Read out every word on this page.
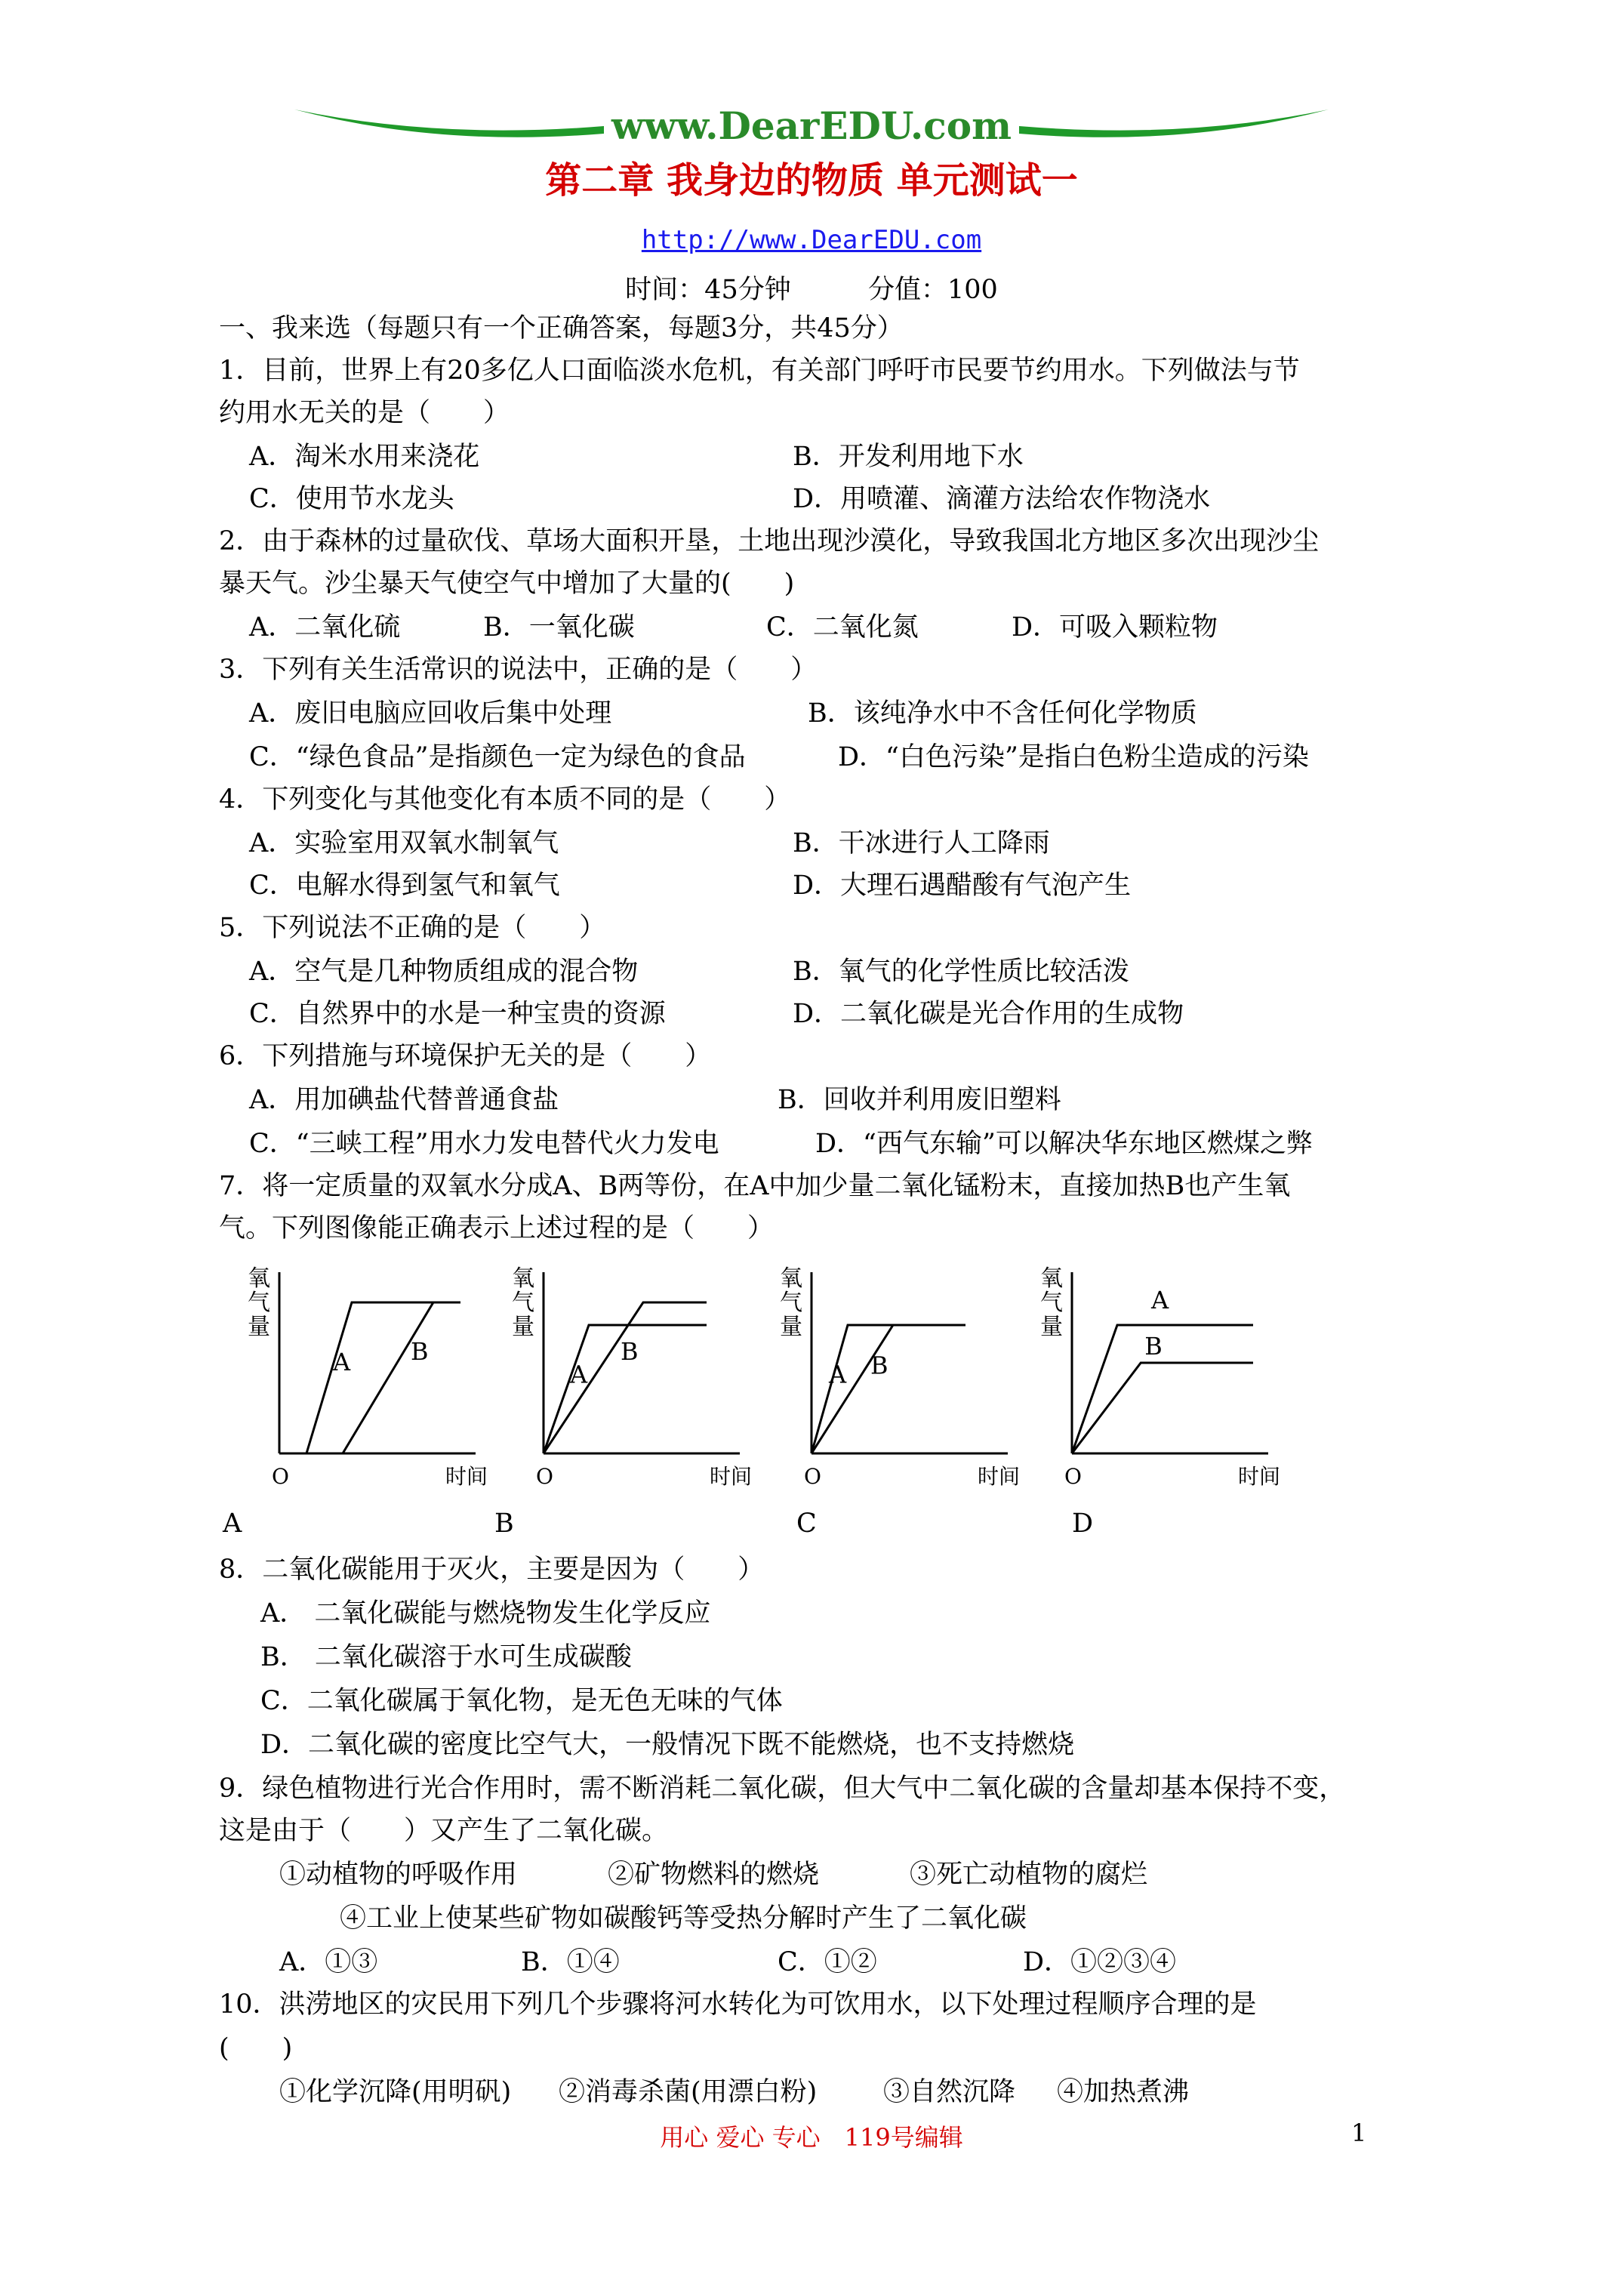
www.DearEDU.com
第二章 我身边的物质 单元测试一
http://www.DearEDU.com
时间：45分钟	分值：100
一、我来选（每题只有一个正确答案，每题3分，共45分）
1．目前，世界上有20多亿人口面临淡水危机，有关部门呼吁市民要节约用水。下列做法与节
约用水无关的是（　　）
A．淘米水用来浇花	B．开发利用地下水
C．使用节水龙头	D．用喷灌、滴灌方法给农作物浇水
2．由于森林的过量砍伐、草场大面积开垦，土地出现沙漠化，导致我国北方地区多次出现沙尘
暴天气。沙尘暴天气使空气中增加了大量的(　　)
A．二氧化硫	B．一氧化碳	C．二氧化氮	D．可吸入颗粒物
3．下列有关生活常识的说法中，正确的是（　　）
A．废旧电脑应回收后集中处理	B．该纯净水中不含任何化学物质
C．“绿色食品”是指颜色一定为绿色的食品	D．“白色污染”是指白色粉尘造成的污染
4．下列变化与其他变化有本质不同的是（　　）
A．实验室用双氧水制氧气	B．干冰进行人工降雨
C．电解水得到氢气和氧气	D．大理石遇醋酸有气泡产生
5．下列说法不正确的是（　　）
A．空气是几种物质组成的混合物	B．氧气的化学性质比较活泼
C．自然界中的水是一种宝贵的资源	D．二氧化碳是光合作用的生成物
6．下列措施与环境保护无关的是（　　）
A．用加碘盐代替普通食盐	B．回收并利用废旧塑料
C．“三峡工程”用水力发电替代火力发电	D．“西气东输”可以解决华东地区燃煤之弊
7．将一定质量的双氧水分成A、B两等份，在A中加少量二氧化锰粉末，直接加热B也产生氧
气。下列图像能正确表示上述过程的是（　　）
氧
气
量
O	时间
A B
A
氧
气
量
O	时间
A
B
B
氧
气
量
O	时间
A B
C
氧
气
量
O	时间
A
B
D
8．二氧化碳能用于灭火，主要是因为（　　）
A． 二氧化碳能与燃烧物发生化学反应
B． 二氧化碳溶于水可生成碳酸
C．二氧化碳属于氧化物，是无色无味的气体
D．二氧化碳的密度比空气大，一般情况下既不能燃烧，也不支持燃烧
9．绿色植物进行光合作用时，需不断消耗二氧化碳，但大气中二氧化碳的含量却基本保持不变，
这是由于（　　）又产生了二氧化碳。
①动植物的呼吸作用	②矿物燃料的燃烧	③死亡动植物的腐烂
④工业上使某些矿物如碳酸钙等受热分解时产生了二氧化碳
A．①③	B．①④	C．①②	D．①②③④
10．洪涝地区的灾民用下列几个步骤将河水转化为可饮用水，以下处理过程顺序合理的是
(　　)
①化学沉降(用明矾) ②消毒杀菌(用漂白粉)	③自然沉降 ④加热煮沸
用心 爱心 专心　119号编辑	1
